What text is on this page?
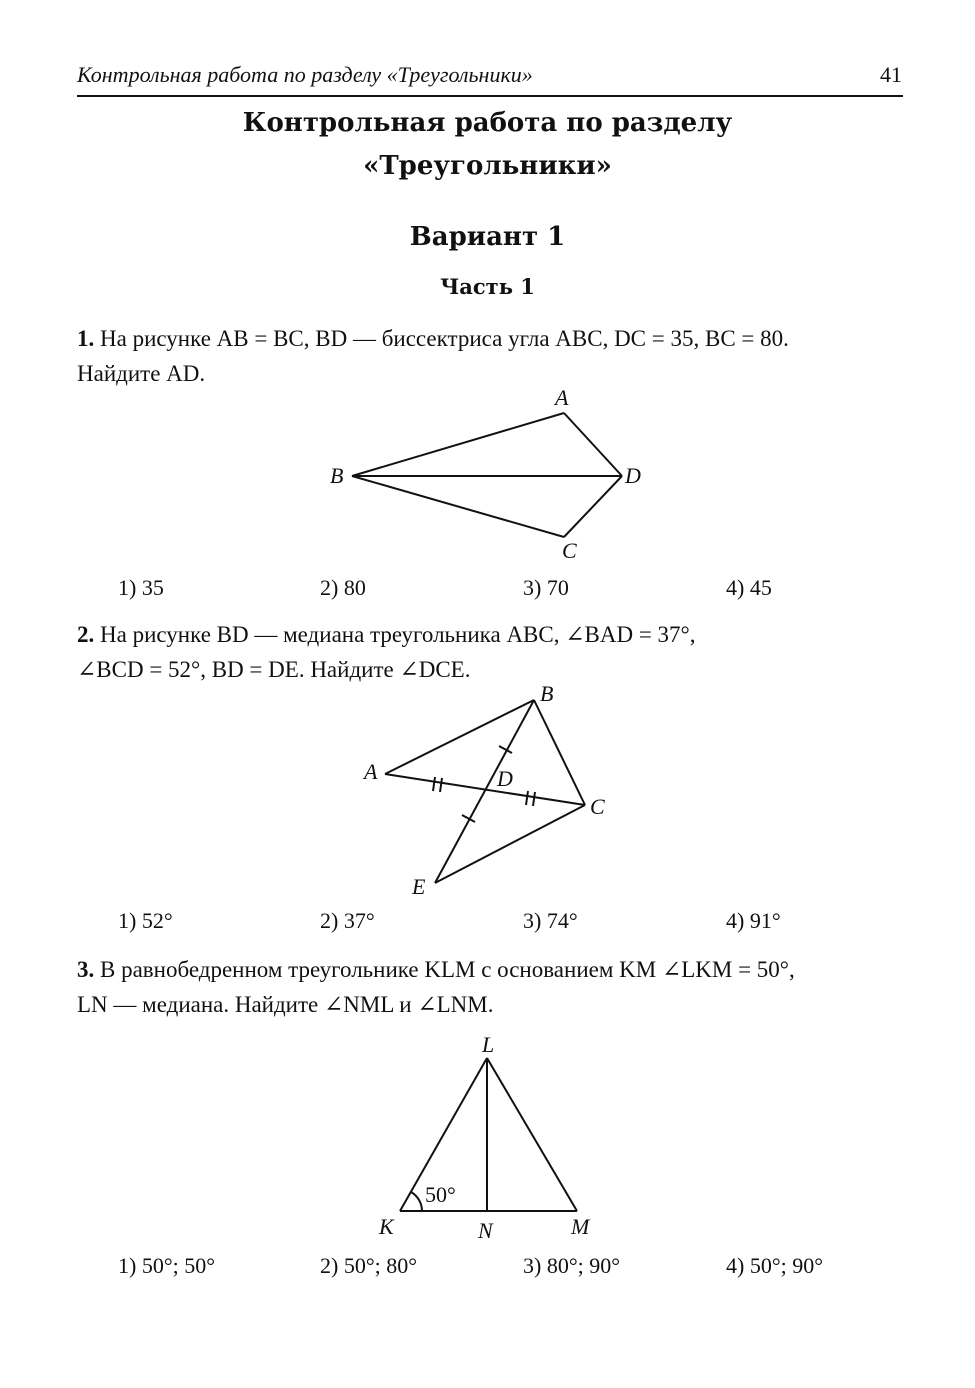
Контрольная работа по разделу «Треугольники»	41
Контрольная работа по разделу
«Треугольники»
Вариант 1
Часть 1
1. На рисунке AB = BC, BD — биссектриса угла ABC, DC = 35, BC = 80.
Найдите AD.
A
B
C
D
B
A	D
C
E
L
K	N	M
50°
1) 35	2) 80	3) 70	4) 45
2. На рисунке BD — медиана треугольника ABC, ∠BAD = 37°,
∠BCD = 52°, BD = DE. Найдите ∠DCE.
1) 52°	2) 37°	3) 74°	4) 91°
3. В равнобедренном треугольнике KLM с основанием KM ∠LKM = 50°,
LN — медиана. Найдите ∠NML и ∠LNM.
1) 50°; 50°	2) 50°; 80°	3) 80°; 90°	4) 50°; 90°
